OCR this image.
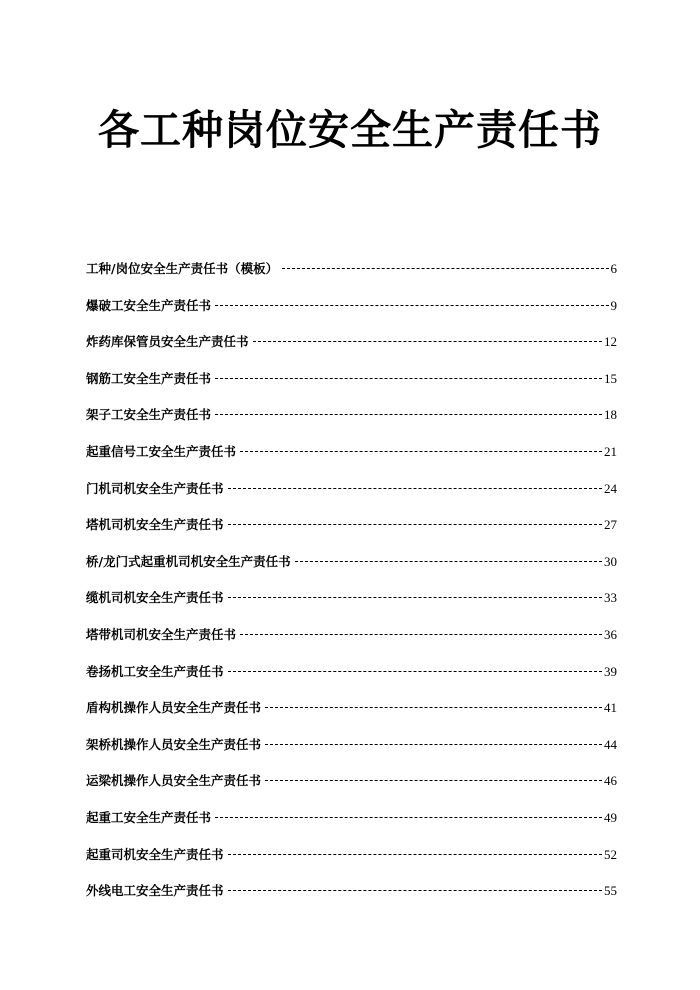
各工种岗位安全生产责任书
工种/岗位安全生产责任书（模板）	6
爆破工安全生产责任书	9
炸药库保管员安全生产责任书	12
钢筋工安全生产责任书	15
架子工安全生产责任书	18
起重信号工安全生产责任书	21
门机司机安全生产责任书	24
塔机司机安全生产责任书	27
桥/龙门式起重机司机安全生产责任书	30
缆机司机安全生产责任书	33
塔带机司机安全生产责任书	36
卷扬机工安全生产责任书	39
盾构机操作人员安全生产责任书	41
架桥机操作人员安全生产责任书	44
运梁机操作人员安全生产责任书	46
起重工安全生产责任书	49
起重司机安全生产责任书	52
外线电工安全生产责任书	55
